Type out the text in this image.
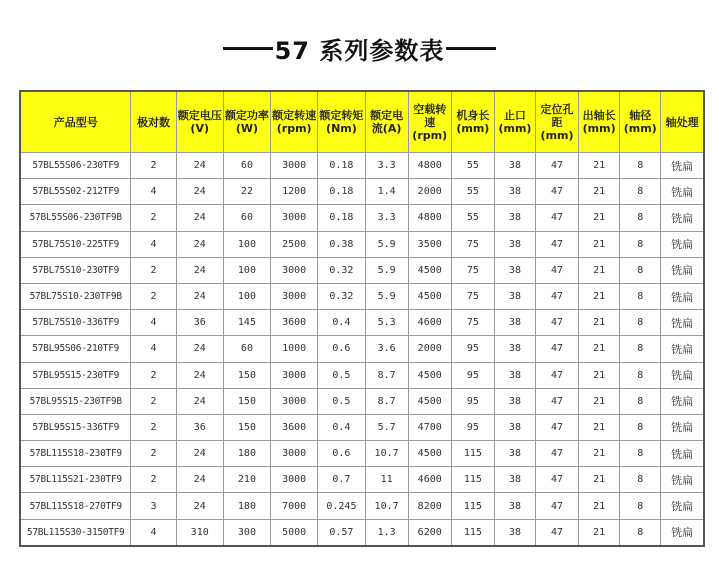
57 系列参数表
产品型号	极对数	额定电压(V)	额定功率(W)	额定转速(rpm)	额定转矩(Nm)	额定电流(A)	空载转速(rpm)	机身长(mm)	止口(mm)	定位孔距(mm)	出轴长(mm)	轴径(mm)	轴处理
57BL55S06-230TF9	2	24	60	3000	0.18	3.3	4800	55	38	47	21	8	铣扁
57BL55S02-212TF9	4	24	22	1200	0.18	1.4	2000	55	38	47	21	8	铣扁
57BL55S06-230TF9B	2	24	60	3000	0.18	3.3	4800	55	38	47	21	8	铣扁
57BL75S10-225TF9	4	24	100	2500	0.38	5.9	3500	75	38	47	21	8	铣扁
57BL75S10-230TF9	2	24	100	3000	0.32	5.9	4500	75	38	47	21	8	铣扁
57BL75S10-230TF9B	2	24	100	3000	0.32	5.9	4500	75	38	47	21	8	铣扁
57BL75S10-336TF9	4	36	145	3600	0.4	5.3	4600	75	38	47	21	8	铣扁
57BL95S06-210TF9	4	24	60	1000	0.6	3.6	2000	95	38	47	21	8	铣扁
57BL95S15-230TF9	2	24	150	3000	0.5	8.7	4500	95	38	47	21	8	铣扁
57BL95S15-230TF9B	2	24	150	3000	0.5	8.7	4500	95	38	47	21	8	铣扁
57BL95S15-336TF9	2	36	150	3600	0.4	5.7	4700	95	38	47	21	8	铣扁
57BL115S18-230TF9	2	24	180	3000	0.6	10.7	4500	115	38	47	21	8	铣扁
57BL115S21-230TF9	2	24	210	3000	0.7	11	4600	115	38	47	21	8	铣扁
57BL115S18-270TF9	3	24	180	7000	0.245	10.7	8200	115	38	47	21	8	铣扁
57BL115S30-3150TF9	4	310	300	5000	0.57	1.3	6200	115	38	47	21	8	铣扁
